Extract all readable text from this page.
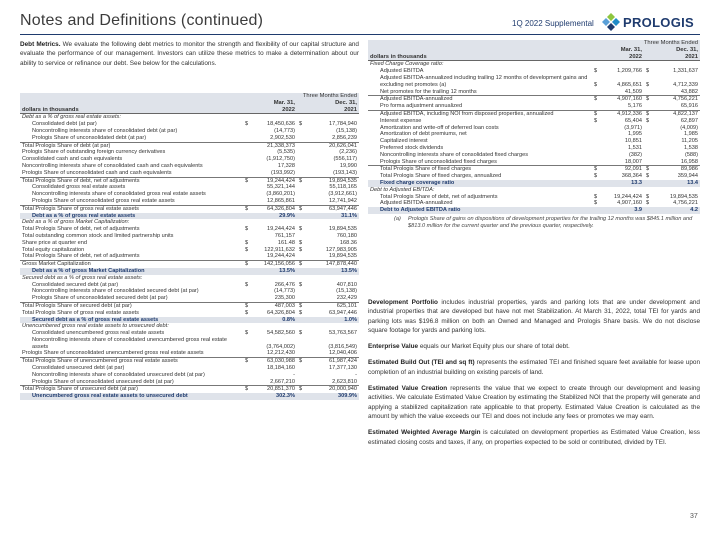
Notes and Definitions (continued)	1Q 2022 Supplemental PROLOGIS
Debt Metrics. We evaluate the following debt metrics to monitor the strength and flexibility of our capital structure and evaluate the performance of our management. Investors can utilize these metrics to make a determination about our ability to service or refinance our debt. See below for the calculations.
	Three Months Ended			
	Mar. 31,		Dec. 31,	
dollars in thousands	2022		2021	
Debt as a % of gross real estate assets:				
Consolidated debt (at par)	$	18,450,636	$	17,784,940
Noncontrolling interests share of consolidated debt (at par)		(14,773)		(15,138)
Prologis Share of unconsolidated debt (at par)		2,902,530		2,856,239
Total Prologis Share of debt (at par)		21,338,373		20,626,041
Prologis Share of outstanding foreign currency derivatives		(5,535)		(2,236)
Consolidated cash and cash equivalents		(1,912,750)		(556,117)
Noncontrolling interests share of consolidated cash and cash equivalents		17,328		19,990
Prologis Share of unconsolidated cash and cash equivalents		(193,992)		(193,143)
Total Prologis Share of debt, net of adjustments	$	19,244,424	$	19,894,535
Consolidated gross real estate assets		55,321,144		55,118,165
Noncontrolling interests share of consolidated gross real estate assets		(3,860,201)		(3,912,661)
Prologis Share of unconsolidated gross real estate assets		12,865,861		12,741,942
Total Prologis Share of gross real estate assets	$	64,326,804	$	63,947,446
Debt as a % of gross real estate assets		29.9%		31.1%
Debt as a % of gross Market Capitalization:				
Total Prologis Share of debt, net of adjustments	$	19,244,424	$	19,894,535
Total outstanding common stock and limited partnership units		761,157		760,180
Share price at quarter end	$	161.48	$	168.36
Total equity capitalization	$	122,911,632	$	127,983,905
Total Prologis Share of debt, net of adjustments		19,244,424		19,894,535
Gross Market Capitalization	$	142,156,056	$	147,878,440
Debt as a % of gross Market Capitalization		13.5%		13.5%
Secured debt as a % of gross real estate assets:				
Consolidated secured debt (at par)	$	266,476	$	407,810
Noncontrolling interests share of consolidated secured debt (at par)		(14,773)		(15,138)
Prologis Share of unconsolidated secured debt (at par)		235,300		232,429
Total Prologis Share of secured debt (at par)	$	487,003	$	625,101
Total Prologis Share of gross real estate assets	$	64,326,804	$	63,947,446
Secured debt as a % of gross real estate assets		0.8%		1.0%
Unencumbered gross real estate assets to unsecured debt:				
Consolidated unencumbered gross real estate assets	$	54,582,560	$	53,763,567
Noncontrolling interests share of consolidated unencumbered gross real estate assets		(3,764,002)		(3,816,549)
Prologis Share of unconsolidated unencumbered gross real estate assets		12,212,430		12,040,406
Total Prologis Share of unencumbered gross real estate assets	$	63,030,988	$	61,987,424
Consolidated unsecured debt (at par)		18,184,160		17,377,130
Noncontrolling interests share of consolidated unsecured debt (at par)		-		-
Prologis Share of unconsolidated unsecured debt (at par)		2,667,210		2,623,810
Total Prologis Share of unsecured debt (at par)	$	20,851,370	$	20,000,940
Unencumbered gross real estate assets to unsecured debt		302.3%		309.9%
	Three Months Ended			
	Mar. 31,		Dec. 31,	
dollars in thousands	2022		2021	
Fixed Charge Coverage ratio:				
Adjusted EBITDA	$	1,209,766	$	1,331,637
Adjusted EBITDA-annualized including trailing 12 months of development gains and excluding net promotes (a)	$	4,865,651	$	4,712,339
Net promotes for the trailing 12 months		41,509		43,882
Adjusted EBITDA-annualized	$	4,907,160	$	4,756,221
Pro forma adjustment annualized		5,176		65,916
Adjusted EBITDA, including NOI from disposed properties, annualized	$	4,912,336	$	4,822,137
Interest expense	$	65,404	$	62,897
Amortization and write-off of deferred loan costs		(3,971)		(4,009)
Amortization of debt premiums, net		1,995		1,985
Capitalized interest		10,851		11,205
Preferred stock dividends		1,531		1,538
Noncontrolling interests share of consolidated fixed charges		(382)		(588)
Prologis Share of unconsolidated fixed charges		18,007		16,958
Total Prologis Share of fixed charges	$	92,091	$	89,986
Total Prologis Share of fixed charges, annualized	$	368,364	$	359,944
Fixed charge coverage ratio		13.3		13.4
Debt to Adjusted EBITDA:				
Total Prologis Share of debt, net of adjustments	$	19,244,424	$	19,894,535
Adjusted EBITDA-annualized	$	4,907,160	$	4,756,221
Debt to Adjusted EBITDA ratio		3.9		4.2
(a) Prologis Share of gains on dispositions of development properties for the trailing 12 months was $845.1 million and $813.0 million for the current quarter and the previous quarter, respectively.				

Development Portfolio includes industrial properties, yards and parking lots that are under development and industrial properties that are developed but have not met Stabilization. At March 31, 2022, total TEI for yards and parking lots was $196.8 million on both an Owned and Managed and Prologis Share basis. We do not disclose square footage for yards and parking lots.

Enterprise Value equals our Market Equity plus our share of total debt.

Estimated Build Out (TEI and sq ft) represents the estimated TEI and finished square feet available for lease upon completion of an industrial building on existing parcels of land.

Estimated Value Creation represents the value that we expect to create through our development and leasing activities. We calculate Estimated Value Creation by estimating the Stabilized NOI that the property will generate and applying a stabilized capitalization rate applicable to that property. Estimated Value Creation is calculated as the amount by which the value exceeds our TEI and does not include any fees or promotes we may earn.

Estimated Weighted Average Margin is calculated on development properties as Estimated Value Creation, less estimated closing costs and taxes, if any, on properties expected to be sold or contributed, divided by TEI.

37
